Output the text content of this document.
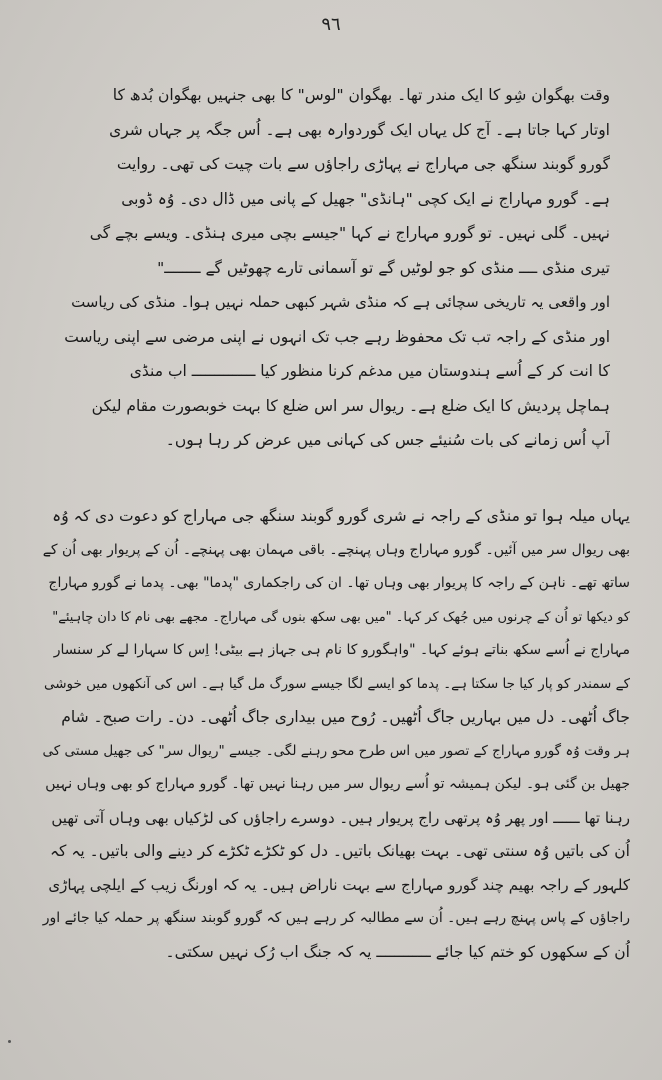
٩٦
وقت بھگوان شِو کا ایک مندر تھا۔ بھگوان "لوس" کا بھی جنہیں بھگوان بُدھ کا
اوتار کہا جاتا ہے۔ آج کل یہاں ایک گوردوارہ بھی ہے۔ اُس جگہ پر جہاں شری
گورو گوبند سنگھ جی مہاراج نے پہاڑی راجاؤں سے بات چیت کی تھی۔ روایت
ہے۔ گورو مہاراج نے ایک کچی "ہانڈی" جھیل کے پانی میں ڈال دی۔ وُہ ڈوبی
نہیں۔ گلی نہیں۔ تو گورو مہاراج نے کہا "جیسے بچی میری ہنڈی۔ ویسے بچے گی
تیری منڈی ــــ منڈی کو جو لوٹیں گے تو آسمانی تارے چھوٹیں گے ــــــــ"
اور واقعی یہ تاریخی سچائی ہے کہ منڈی شہر کبھی حملہ نہیں ہوا۔ منڈی کی ریاست
اور منڈی کے راجہ تب تک محفوظ رہے جب تک انہوں نے اپنی مرضی سے اپنی ریاست
کا انت کر کے اُسے ہندوستان میں مدغم کرنا منظور کیا ــــــــــــــ اب منڈی
ہماچل پردیش کا ایک ضلع ہے۔ ریوال سر اس ضلع کا بہت خوبصورت مقام لیکن
آپ اُس زمانے کی بات سُنیئے جس کی کہانی میں عرض کر رہا ہوں۔
یہاں میلہ ہوا تو منڈی کے راجہ نے شری گورو گوبند سنگھ جی مہاراج کو دعوت دی کہ وُہ
بھی ریوال سر میں آئیں۔ گورو مہاراج وہاں پہنچے۔ باقی مہمان بھی پہنچے۔ اُن کے پریوار بھی اُن کے
ساتھ تھے۔ ناہن کے راجہ کا پریوار بھی وہاں تھا۔ ان کی راجکماری "پدما" بھی۔ پدما نے گورو مہاراج
کو دیکھا تو اُن کے چرنوں میں جُھک کر کہا۔ "میں بھی سکھ بنوں گی مہاراج۔ مجھے بھی نام کا دان چاہیئے"
مہاراج نے اُسے سکھ بناتے ہوئے کہا۔ "واہگورو کا نام ہی جہاز ہے بیٹی! اِس کا سہارا لے کر سنسار
کے سمندر کو پار کیا جا سکتا ہے۔ پدما کو ایسے لگا جیسے سورگ مل گیا ہے۔ اس کی آنکھوں میں خوشی
جاگ اُٹھی۔ دل میں بہاریں جاگ اُٹھیں۔ رُوح میں بیداری جاگ اُٹھی۔ دن۔ رات صبح۔ شام
ہر وقت وُہ گورو مہاراج کے تصور میں اس طرح محو رہنے لگی۔ جیسے "ریوال سر" کی جھیل مستی کی
جھیل بن گئی ہو۔ لیکن ہمیشہ تو اُسے ریوال سر میں رہنا نہیں تھا۔ گورو مہاراج کو بھی وہاں نہیں
رہنا تھا ــــــ اور پھر وُہ پرتھی راج پریوار ہیں۔ دوسرے راجاؤں کی لڑکیاں بھی وہاں آتی تھیں
اُن کی باتیں وُہ سنتی تھی۔ بہت بھیانک باتیں۔ دل کو ٹکڑے ٹکڑے کر دینے والی باتیں۔ یہ کہ
کلہور کے راجہ بھیم چند گورو مہاراج سے بہت ناراض ہیں۔ یہ کہ اورنگ زیب کے ایلچی پہاڑی
راجاؤں کے پاس پہنچ رہے ہیں۔ اُن سے مطالبہ کر رہے ہیں کہ گورو گوبند سنگھ پر حملہ کیا جائے اور
اُن کے سکھوں کو ختم کیا جائے ــــــــــــ یہ کہ جنگ اب رُک نہیں سکتی۔
